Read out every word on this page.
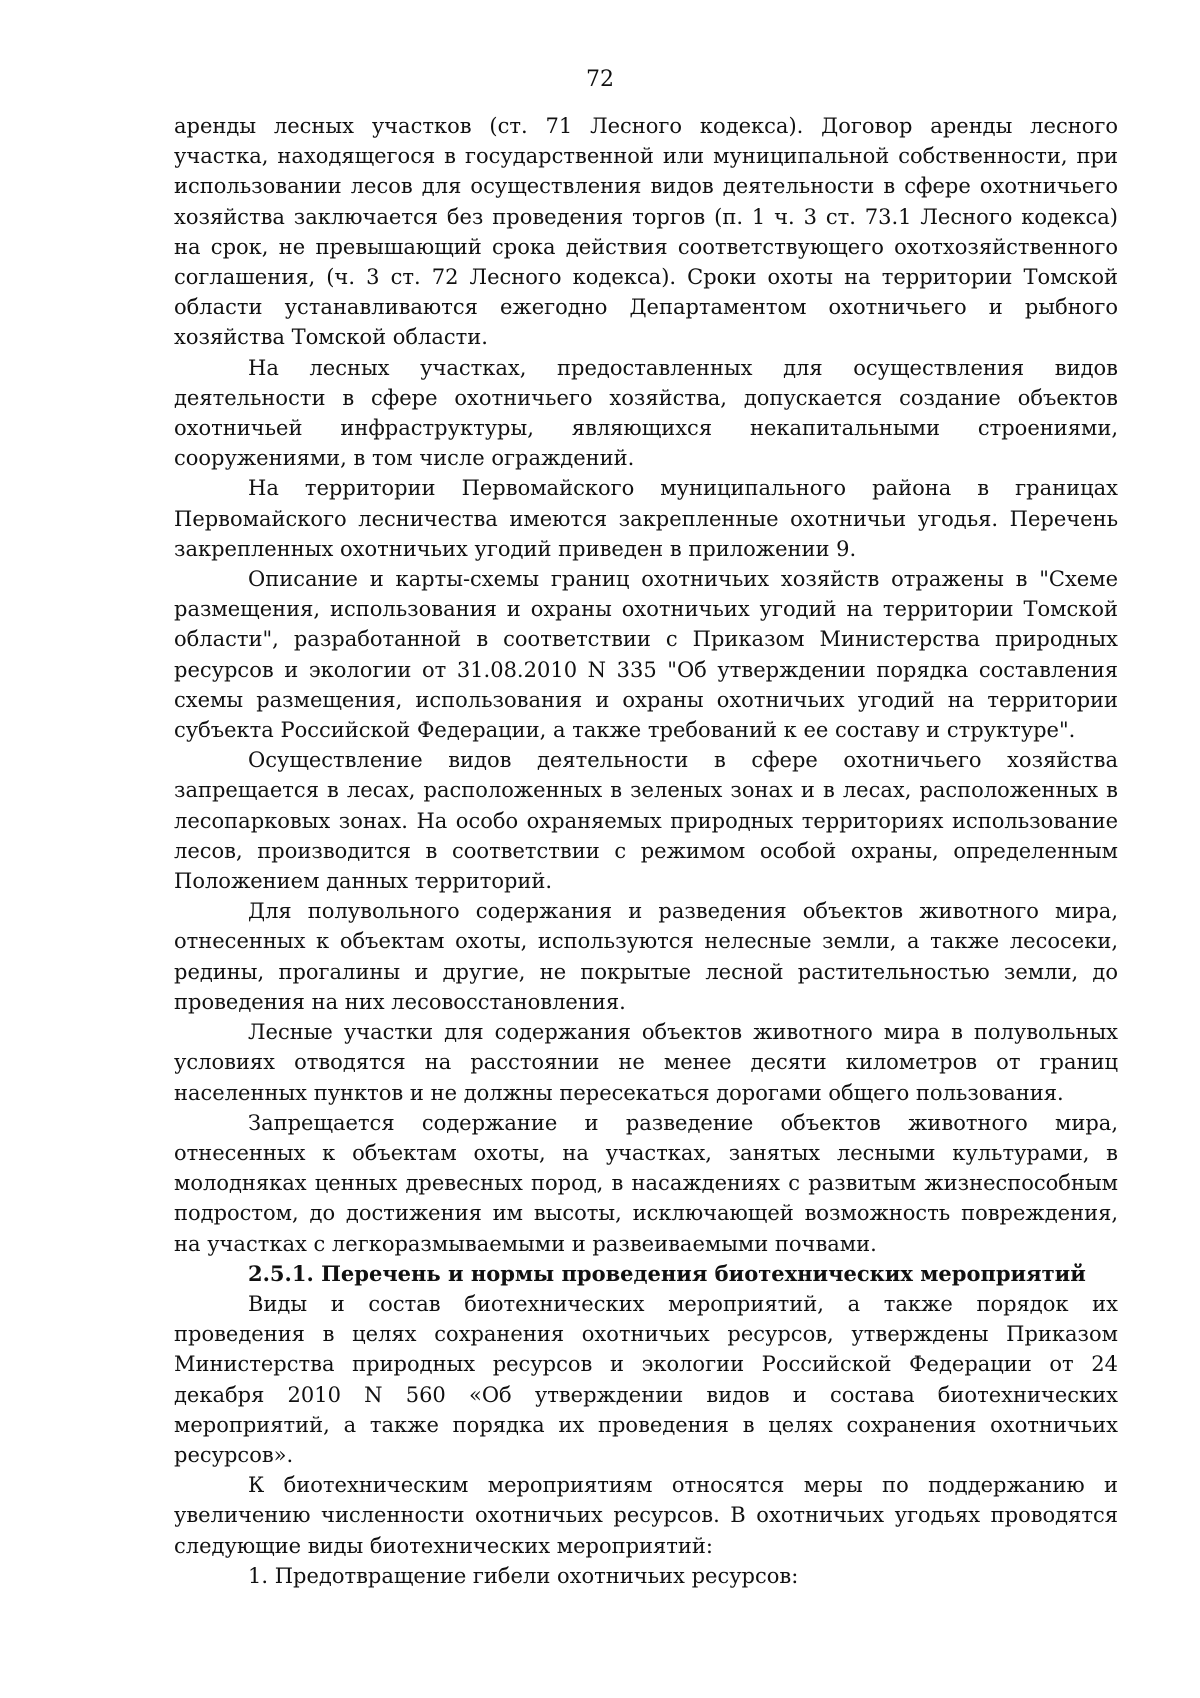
72

аренды лесных участков (ст. 71 Лесного кодекса). Договор аренды лесного участка, находящегося в государственной или муниципальной собственности, при использовании лесов для осуществления видов деятельности в сфере охотничьего хозяйства заключается без проведения торгов (п. 1 ч. 3 ст. 73.1 Лесного кодекса) на срок, не превышающий срока действия соответствующего охотхозяйственного соглашения, (ч. 3 ст. 72 Лесного кодекса). Сроки охоты на территории Томской области устанавливаются ежегодно Департаментом охотничьего и рыбного хозяйства Томской области.

На лесных участках, предоставленных для осуществления видов деятельности в сфере охотничьего хозяйства, допускается создание объектов охотничьей инфраструктуры, являющихся некапитальными строениями, сооружениями, в том числе ограждений.

На территории Первомайского муниципального района в границах Первомайского лесничества имеются закрепленные охотничьи угодья. Перечень закрепленных охотничьих угодий приведен в приложении 9.

Описание и карты-схемы границ охотничьих хозяйств отражены в "Схеме размещения, использования и охраны охотничьих угодий на территории Томской области", разработанной в соответствии с Приказом Министерства природных ресурсов и экологии от 31.08.2010 N 335 "Об утверждении порядка составления схемы размещения, использования и охраны охотничьих угодий на территории субъекта Российской Федерации, а также требований к ее составу и структуре".

Осуществление видов деятельности в сфере охотничьего хозяйства запрещается в лесах, расположенных в зеленых зонах и в лесах, расположенных в лесопарковых зонах. На особо охраняемых природных территориях использование лесов, производится в соответствии с режимом особой охраны, определенным Положением данных территорий.

Для полувольного содержания и разведения объектов животного мира, отнесенных к объектам охоты, используются нелесные земли, а также лесосеки, редины, прогалины и другие, не покрытые лесной растительностью земли, до проведения на них лесовосстановления.

Лесные участки для содержания объектов животного мира в полувольных условиях отводятся на расстоянии не менее десяти километров от границ населенных пунктов и не должны пересекаться дорогами общего пользования.

Запрещается содержание и разведение объектов животного мира, отнесенных к объектам охоты, на участках, занятых лесными культурами, в молодняках ценных древесных пород, в насаждениях с развитым жизнеспособным подростом, до достижения им высоты, исключающей возможность повреждения, на участках с легкоразмываемыми и развеиваемыми почвами.

2.5.1. Перечень и нормы проведения биотехнических мероприятий

Виды и состав биотехнических мероприятий, а также порядок их проведения в целях сохранения охотничьих ресурсов, утверждены Приказом Министерства природных ресурсов и экологии Российской Федерации от 24 декабря 2010 N 560 «Об утверждении видов и состава биотехнических мероприятий, а также порядка их проведения в целях сохранения охотничьих ресурсов».

К биотехническим мероприятиям относятся меры по поддержанию и увеличению численности охотничьих ресурсов. В охотничьих угодьях проводятся следующие виды биотехнических мероприятий:

1. Предотвращение гибели охотничьих ресурсов:
